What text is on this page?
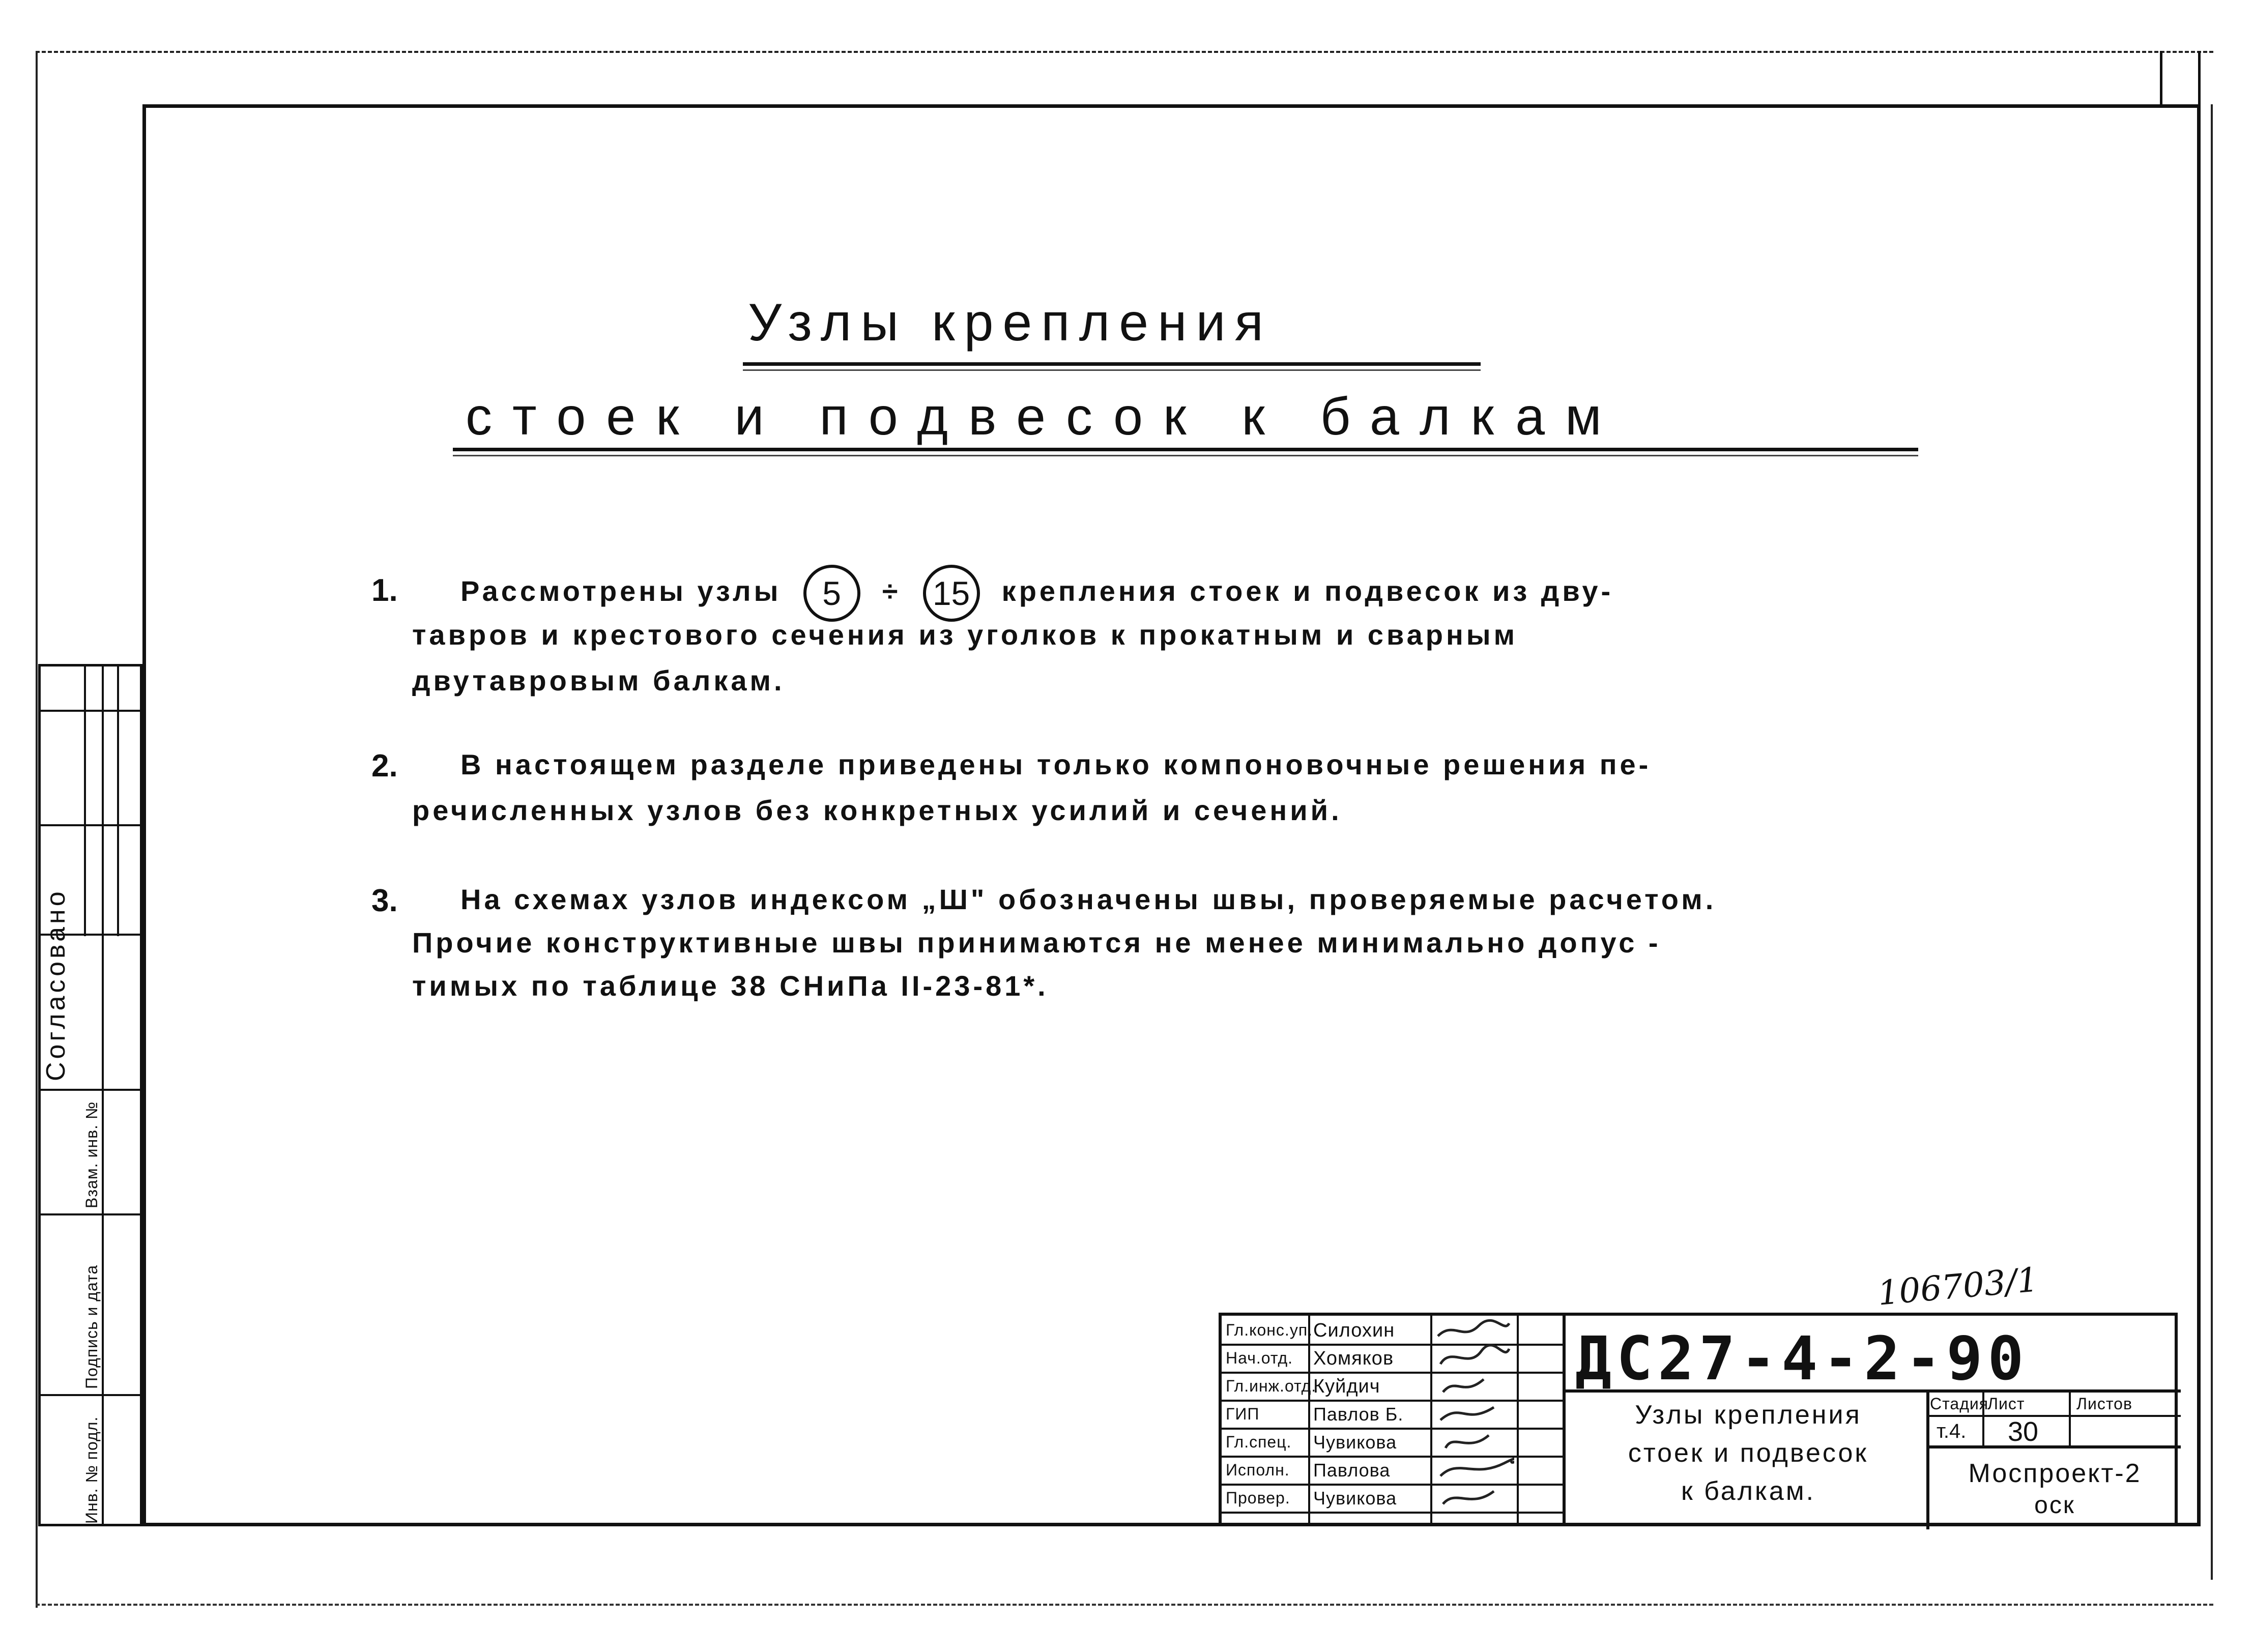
Согласовано
Инв. № подл.
Подпись и дата
Взам. инв. №
Узлы крепления
стоек и подвесок к балкам
1. Рассмотрены узлы 5 ÷ 15 крепления стоек и подвесок из дву-
тавров и крестового сечения из уголков к прокатным и сварным
двутавровым балкам.
2. В настоящем разделе приведены только компоновочные решения пе-
речисленных узлов без конкретных усилий и сечений.
3. На схемах узлов индексом „Ш" обозначены швы, проверяемые расчетом.
Прочие конструктивные швы принимаются не менее минимально допус -
тимых по таблице 38 СНиПа II-23-81*.
106703/1
Гл.конс.уп. Силохин
Нач.отд. Хомяков
Гл.инж.отд.
Куйдич
ГИП	Павлов Б.
Гл.спец. Чувикова
Исполн. Павлова
Провер. Чувикова
ДС27-4-2-90
Узлы крепления
стоек и подвесок
к балкам.
Стадия
Лист	Листов
т.4. 30
Моспроект-2
оск
